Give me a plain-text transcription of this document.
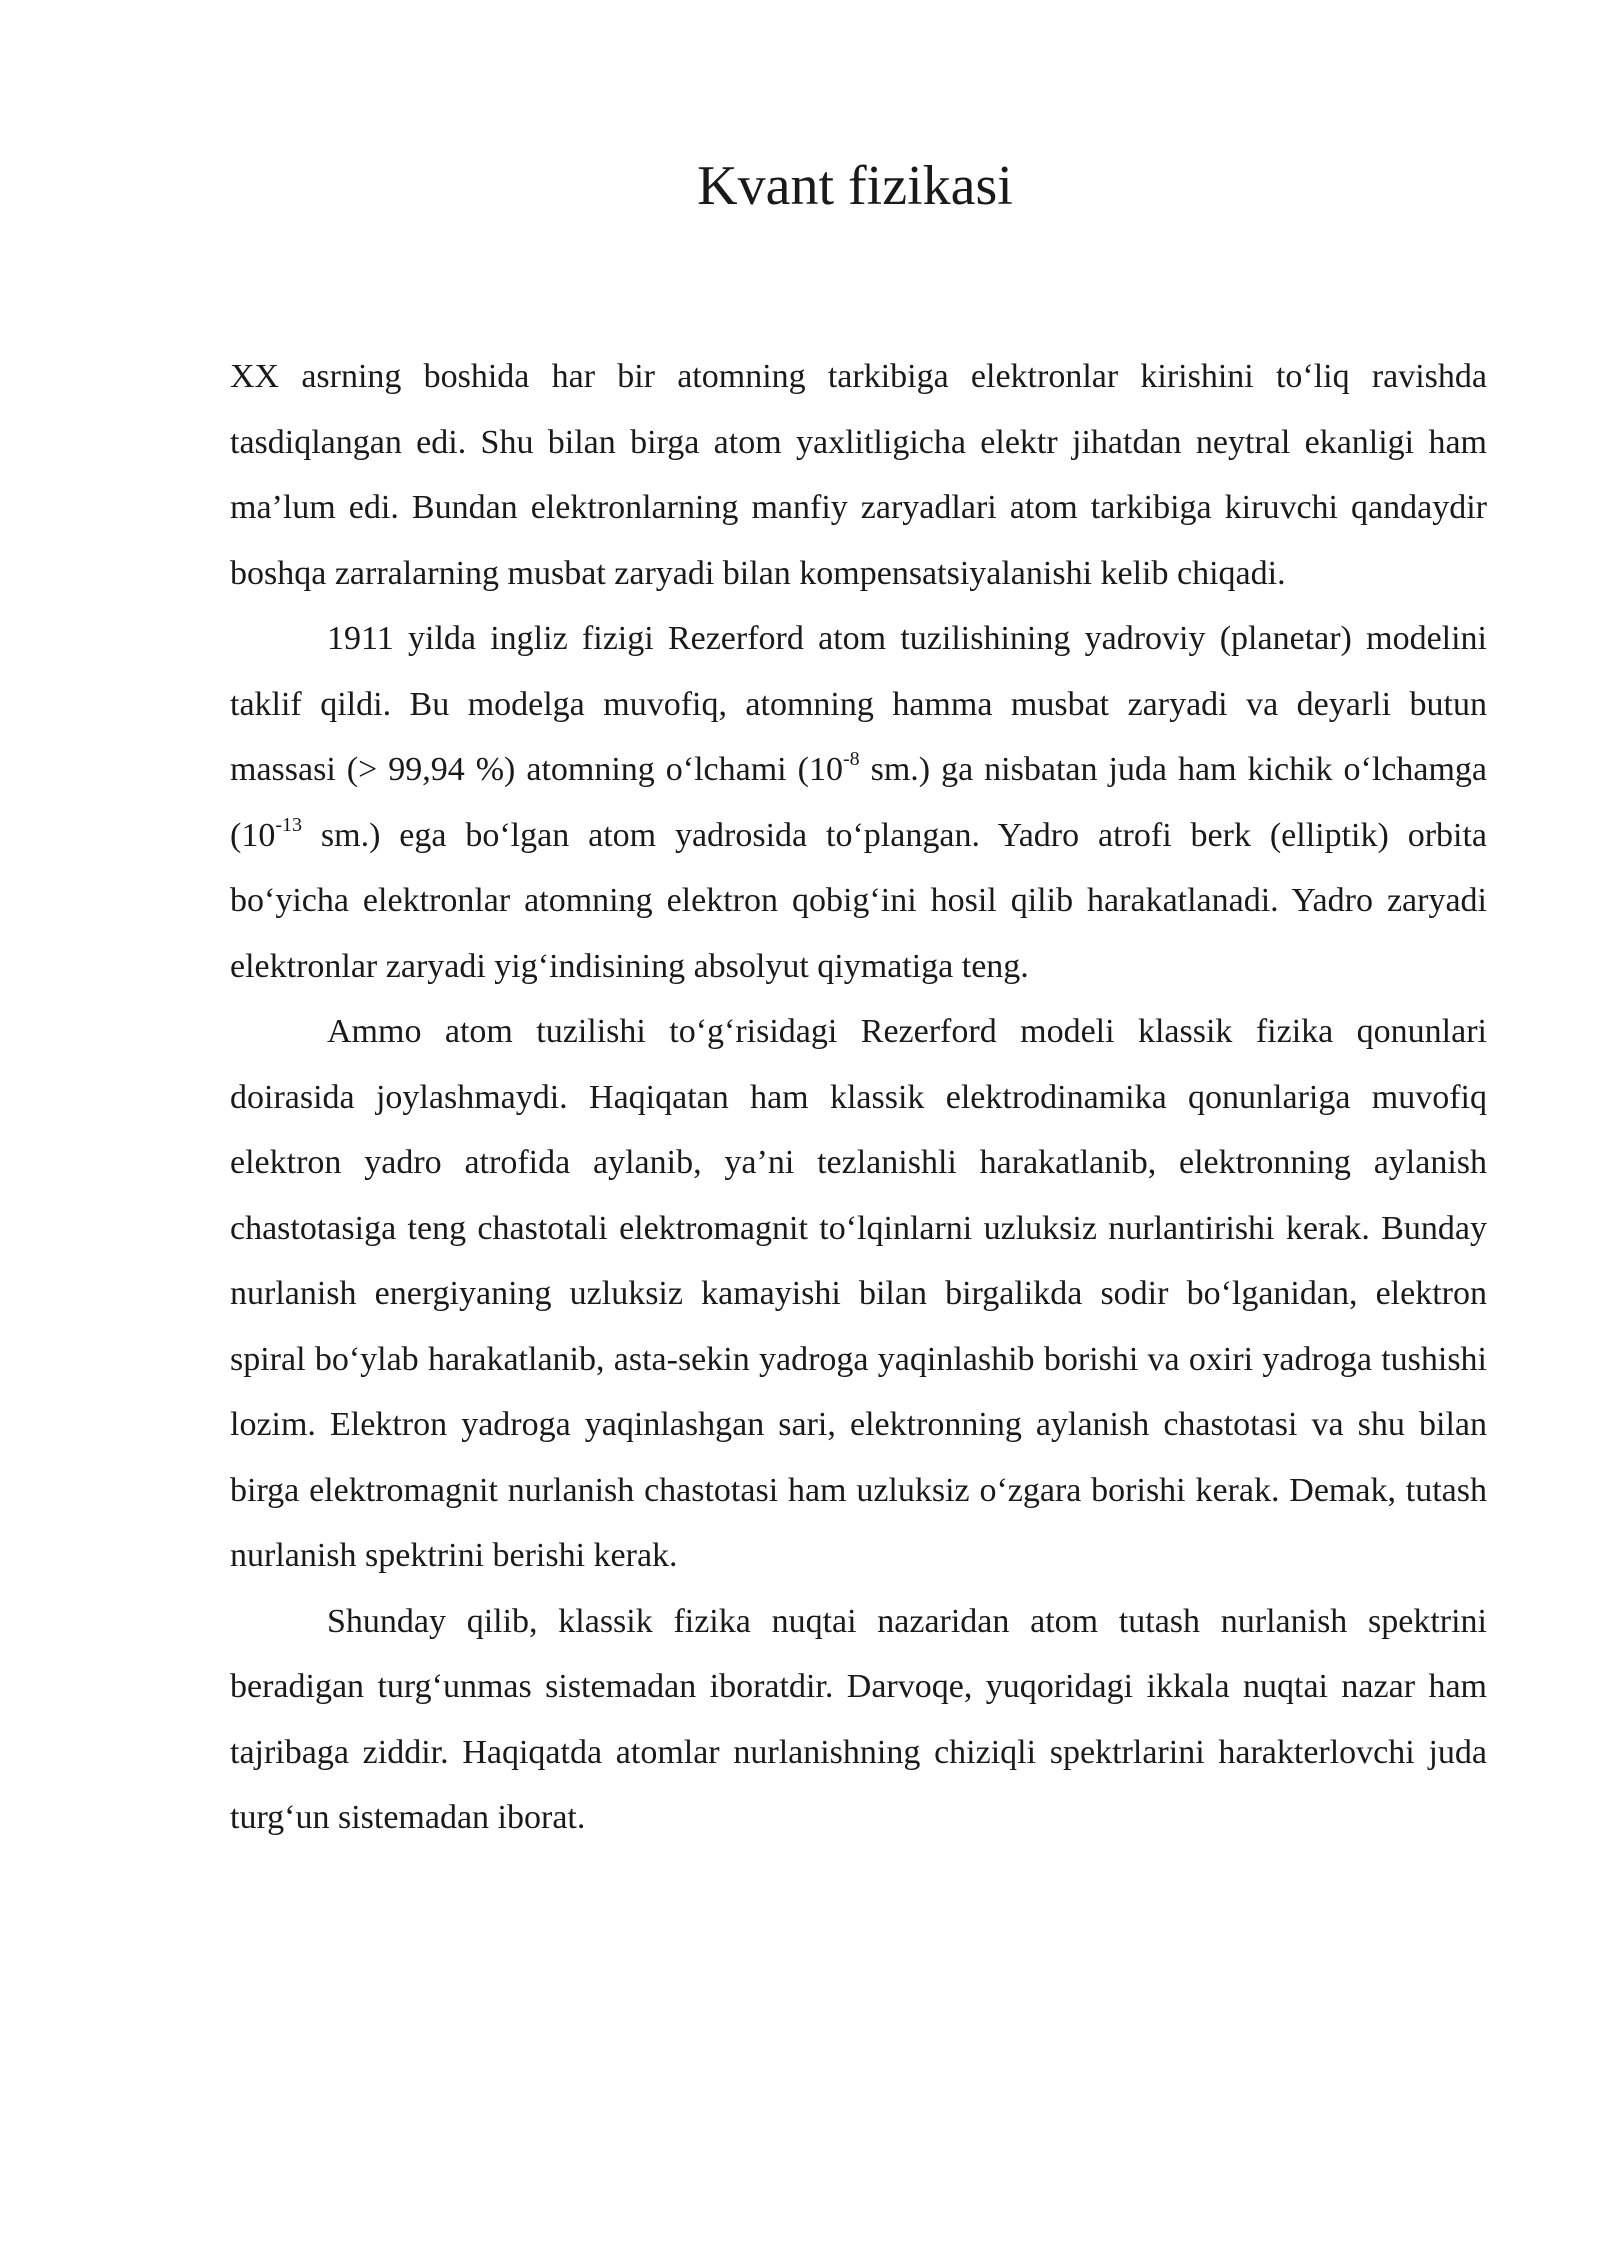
Kvant fizikasi

XX asrning boshida har bir atomning tarkibiga elektronlar kirishini to‘liq ravishda tasdiqlangan edi. Shu bilan birga atom yaxlitligicha elektr jihatdan neytral ekanligi ham ma’lum edi. Bundan elektronlarning manfiy zaryadlari atom tarkibiga kiruvchi qandaydir boshqa zarralarning musbat zaryadi bilan kompensatsiyalanishi kelib chiqadi.

1911 yilda ingliz fizigi Rezerford atom tuzilishining yadroviy (planetar) modelini taklif qildi. Bu modelga muvofiq, atomning hamma musbat zaryadi va deyarli butun massasi (> 99,94 %) atomning o‘lchami ($10^{-8}$ sm.) ga nisbatan juda ham kichik o‘lchamga ($10^{-13}$ sm.) ega bo‘lgan atom yadrosida to‘plangan. Yadro atrofi berk (elliptik) orbita bo‘yicha elektronlar atomning elektron qobig‘ini hosil qilib harakatlanadi. Yadro zaryadi elektronlar zaryadi yig‘indisining absolyut qiymatiga teng.

Ammo atom tuzilishi to‘g‘risidagi Rezerford modeli klassik fizika qonunlari doirasida joylashmaydi. Haqiqatan ham klassik elektrodinamika qonunlariga muvofiq elektron yadro atrofida aylanib, ya’ni tezlanishli harakatlanib, elektronning aylanish chastotasiga teng chastotali elektromagnit to‘lqinlarni uzluksiz nurlantirishi kerak. Bunday nurlanish energiyaning uzluksiz kamayishi bilan birgalikda sodir bo‘lganidan, elektron spiral bo‘ylab harakatlanib, asta-sekin yadroga yaqinlashib borishi va oxiri yadroga tushishi lozim. Elektron yadroga yaqinlashgan sari, elektronning aylanish chastotasi va shu bilan birga elektromagnit nurlanish chastotasi ham uzluksiz o‘zgara borishi kerak. Demak, tutash nurlanish spektrini berishi kerak.

Shunday qilib, klassik fizika nuqtai nazaridan atom tutash nurlanish spektrini beradigan turg‘unmas sistemadan iboratdir. Darvoqe, yuqoridagi ikkala nuqtai nazar ham tajribaga ziddir. Haqiqatda atomlar nurlanishning chiziqli spektrlarini harakterlovchi juda turg‘un sistemadan iborat.
